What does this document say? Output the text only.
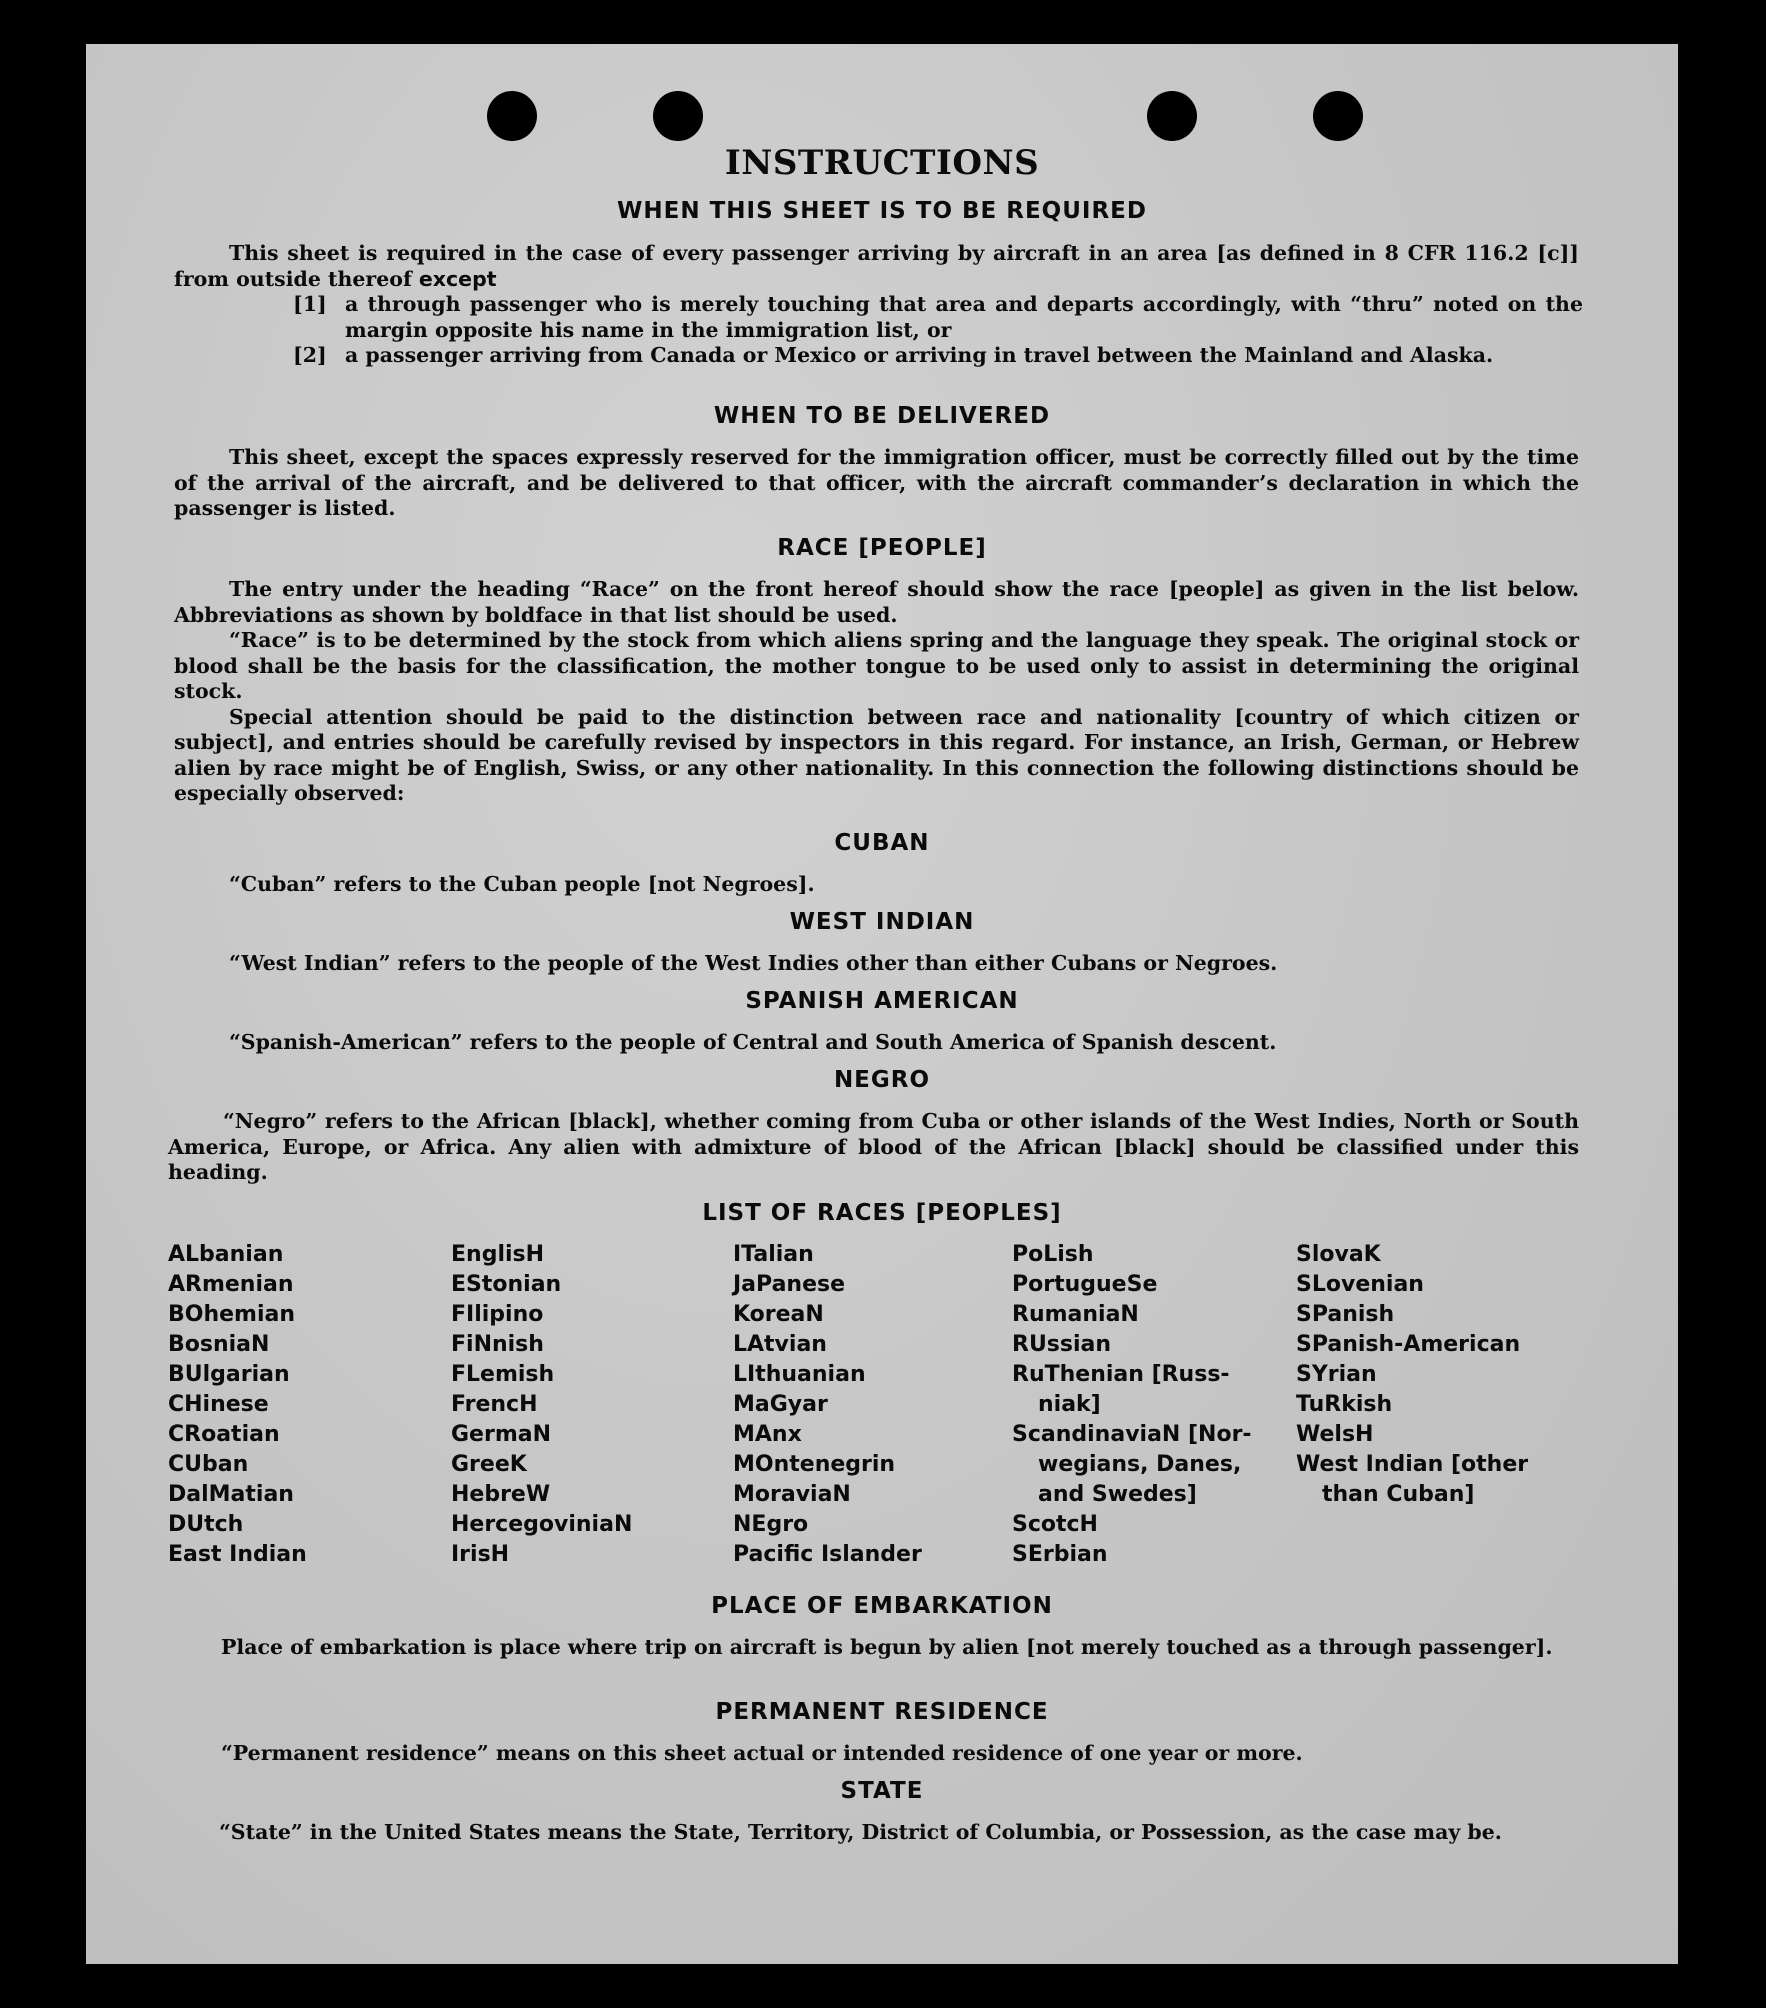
INSTRUCTIONS
WHEN THIS SHEET IS TO BE REQUIRED
This sheet is required in the case of every passenger arriving by aircraft in an area [as defined in 8 CFR 116.2 [c]] from outside thereof except
[1] a through passenger who is merely touching that area and departs accordingly, with “thru” noted on the margin opposite his name in the immigration list, or
[2] a passenger arriving from Canada or Mexico or arriving in travel between the Mainland and Alaska.
WHEN TO BE DELIVERED
This sheet, except the spaces expressly reserved for the immigration officer, must be correctly filled out by the time of the arrival of the aircraft, and be delivered to that officer, with the aircraft commander’s declaration in which the passenger is listed.
RACE [PEOPLE]
The entry under the heading “Race” on the front hereof should show the race [people] as given in the list below. Abbreviations as shown by boldface in that list should be used.
“Race” is to be determined by the stock from which aliens spring and the language they speak. The original stock or blood shall be the basis for the classification, the mother tongue to be used only to assist in determining the original stock.
Special attention should be paid to the distinction between race and nationality [country of which citizen or subject], and entries should be carefully revised by inspectors in this regard. For instance, an Irish, German, or Hebrew alien by race might be of English, Swiss, or any other nationality. In this connection the following distinctions should be especially observed:
CUBAN
“Cuban” refers to the Cuban people [not Negroes].
WEST INDIAN
“West Indian” refers to the people of the West Indies other than either Cubans or Negroes.
SPANISH AMERICAN
“Spanish-American” refers to the people of Central and South America of Spanish descent.
NEGRO
“Negro” refers to the African [black], whether coming from Cuba or other islands of the West Indies, North or South America, Europe, or Africa. Any alien with admixture of blood of the African [black] should be classified under this heading.
LIST OF RACES [PEOPLES]
ALbanian
ARmenian
BOhemian
BosniaN
BUlgarian
CHinese
CRoatian
CUban
DalMatian
DUtch
East Indian
EnglisH
EStonian
FIlipino
FiNnish
FLemish
FrencH
GermaN
GreeK
HebreW
HercegoviniaN
IrisH
ITalian
JaPanese
KoreaN
LAtvian
LIthuanian
MaGyar
MAnx
MOntenegrin
MoraviaN
NEgro
Pacific Islander
PoLish
PortugueSe
RumaniaN
RUssian
RuThenian [Russ-
niak]
ScandinaviaN [Nor-
wegians, Danes,
and Swedes]
ScotcH
SErbian
SlovaK
SLovenian
SPanish
SPanish-American
SYrian
TuRkish
WelsH
West Indian [other
than Cuban]
PLACE OF EMBARKATION
Place of embarkation is place where trip on aircraft is begun by alien [not merely touched as a through passenger].
PERMANENT RESIDENCE
“Permanent residence” means on this sheet actual or intended residence of one year or more.
STATE
“State” in the United States means the State, Territory, District of Columbia, or Possession, as the case may be.
